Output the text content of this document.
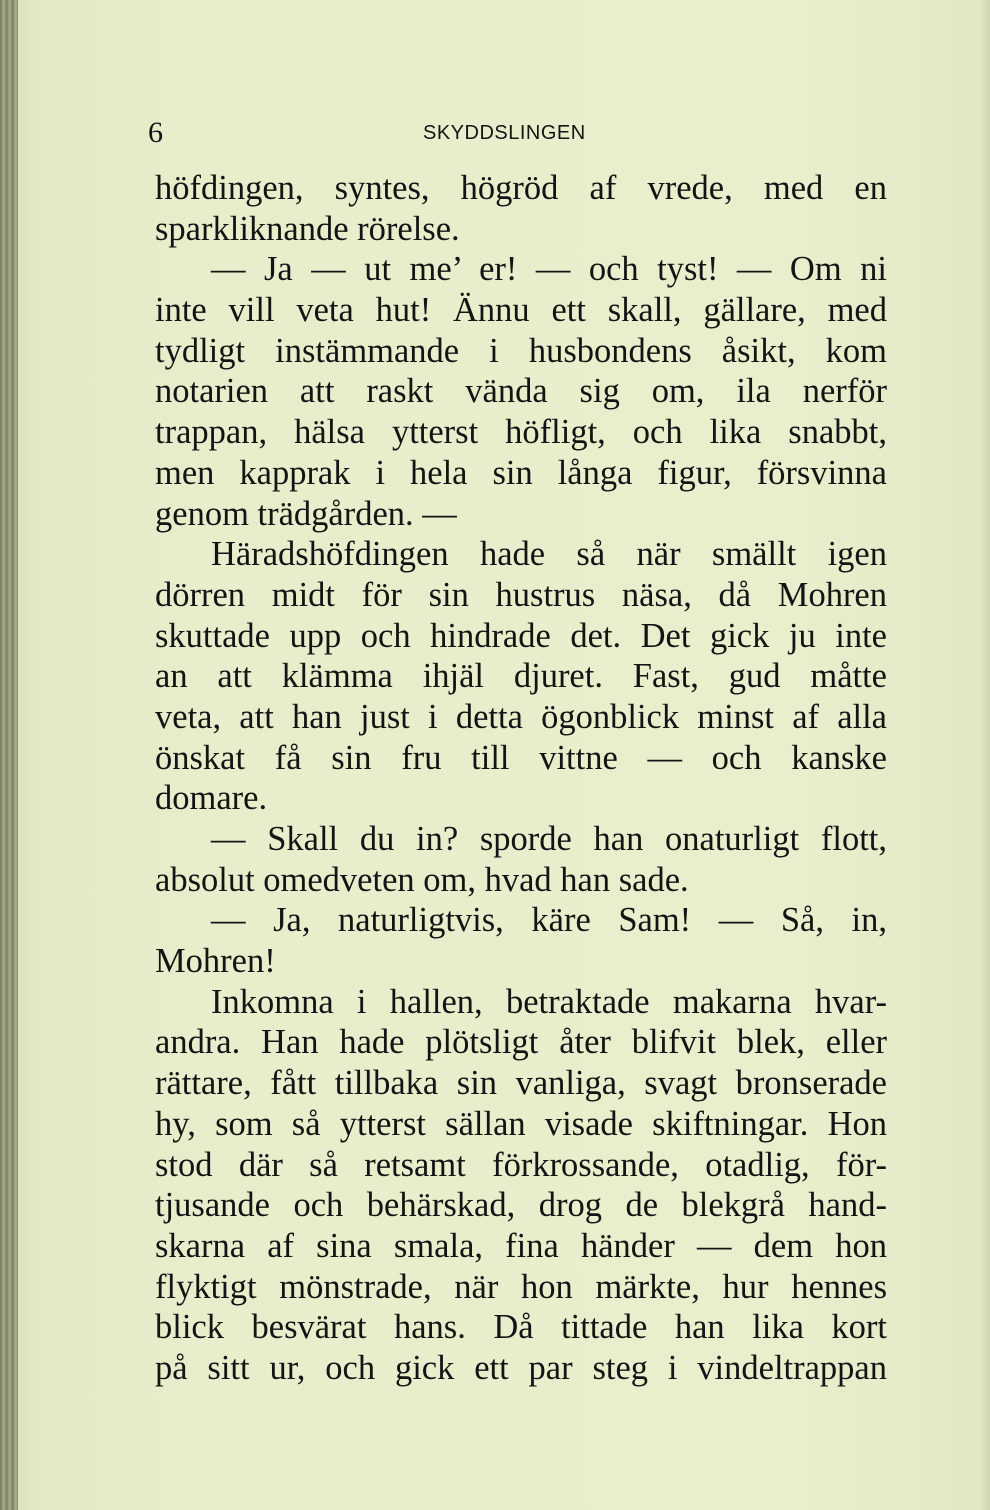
6	SKYDDSLINGEN
höfdingen, syntes, högröd af vrede, med en
sparkliknande rörelse.
— Ja — ut me’ er! — och tyst! — Om ni
inte vill veta hut! Ännu ett skall, gällare, med
tydligt instämmande i husbondens åsikt, kom
notarien att raskt vända sig om, ila nerför
trappan, hälsa ytterst höfligt, och lika snabbt,
men kapprak i hela sin långa figur, försvinna
genom trädgården. —
Häradshöfdingen hade så när smällt igen
dörren midt för sin hustrus näsa, då Mohren
skuttade upp och hindrade det. Det gick ju inte
an att klämma ihjäl djuret. Fast, gud måtte
veta, att han just i detta ögonblick minst af alla
önskat få sin fru till vittne — och kanske
domare.
— Skall du in? sporde han onaturligt flott,
absolut omedveten om, hvad han sade.
— Ja, naturligtvis, käre Sam! — Så, in,
Mohren!
Inkomna i hallen, betraktade makarna hvar-
andra. Han hade plötsligt åter blifvit blek, eller
rättare, fått tillbaka sin vanliga, svagt bronserade
hy, som så ytterst sällan visade skiftningar. Hon
stod där så retsamt förkrossande, otadlig, för-
tjusande och behärskad, drog de blekgrå hand-
skarna af sina smala, fina händer — dem hon
flyktigt mönstrade, när hon märkte, hur hennes
blick besvärat hans. Då tittade han lika kort
på sitt ur, och gick ett par steg i vindeltrappan
